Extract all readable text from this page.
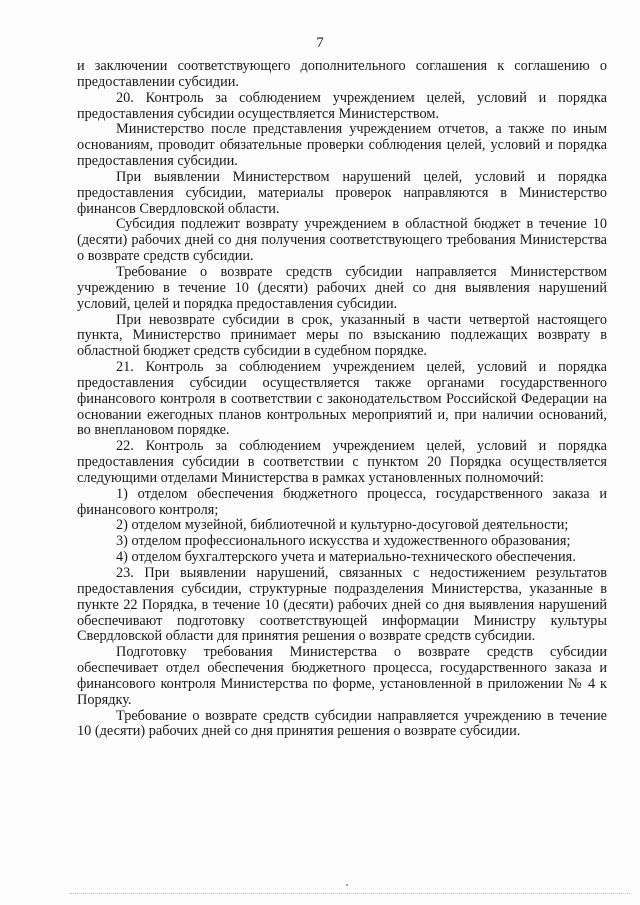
7

и заключении соответствующего дополнительного соглашения к соглашению о предоставлении субсидии.

20. Контроль за соблюдением учреждением целей, условий и порядка предоставления субсидии осуществляется Министерством.

Министерство после представления учреждением отчетов, а также по иным основаниям, проводит обязательные проверки соблюдения целей, условий и порядка предоставления субсидии.

При выявлении Министерством нарушений целей, условий и порядка предоставления субсидии, материалы проверок направляются в Министерство финансов Свердловской области.

Субсидия подлежит возврату учреждением в областной бюджет в течение 10 (десяти) рабочих дней со дня получения соответствующего требования Министерства о возврате средств субсидии.

Требование о возврате средств субсидии направляется Министерством учреждению в течение 10 (десяти) рабочих дней со дня выявления нарушений условий, целей и порядка предоставления субсидии.

При невозврате субсидии в срок, указанный в части четвертой настоящего пункта, Министерство принимает меры по взысканию подлежащих возврату в областной бюджет средств субсидии в судебном порядке.

21. Контроль за соблюдением учреждением целей, условий и порядка предоставления субсидии осуществляется также органами государственного финансового контроля в соответствии с законодательством Российской Федерации на основании ежегодных планов контрольных мероприятий и, при наличии оснований, во внеплановом порядке.

22. Контроль за соблюдением учреждением целей, условий и порядка предоставления субсидии в соответствии с пунктом 20 Порядка осуществляется следующими отделами Министерства в рамках установленных полномочий:

1) отделом обеспечения бюджетного процесса, государственного заказа и финансового контроля;

2) отделом музейной, библиотечной и культурно-досуговой деятельности;

3) отделом профессионального искусства и художественного образования;

4) отделом бухгалтерского учета и материально-технического обеспечения.

23. При выявлении нарушений, связанных с недостижением результатов предоставления субсидии, структурные подразделения Министерства, указанные в пункте 22 Порядка, в течение 10 (десяти) рабочих дней со дня выявления нарушений обеспечивают подготовку соответствующей информации Министру культуры Свердловской области для принятия решения о возврате средств субсидии.

Подготовку требования Министерства о возврате средств субсидии обеспечивает отдел обеспечения бюджетного процесса, государственного заказа и финансового контроля Министерства по форме, установленной в приложении № 4 к Порядку.

Требование о возврате средств субсидии направляется учреждению в течение 10 (десяти) рабочих дней со дня принятия решения о возврате субсидии.
